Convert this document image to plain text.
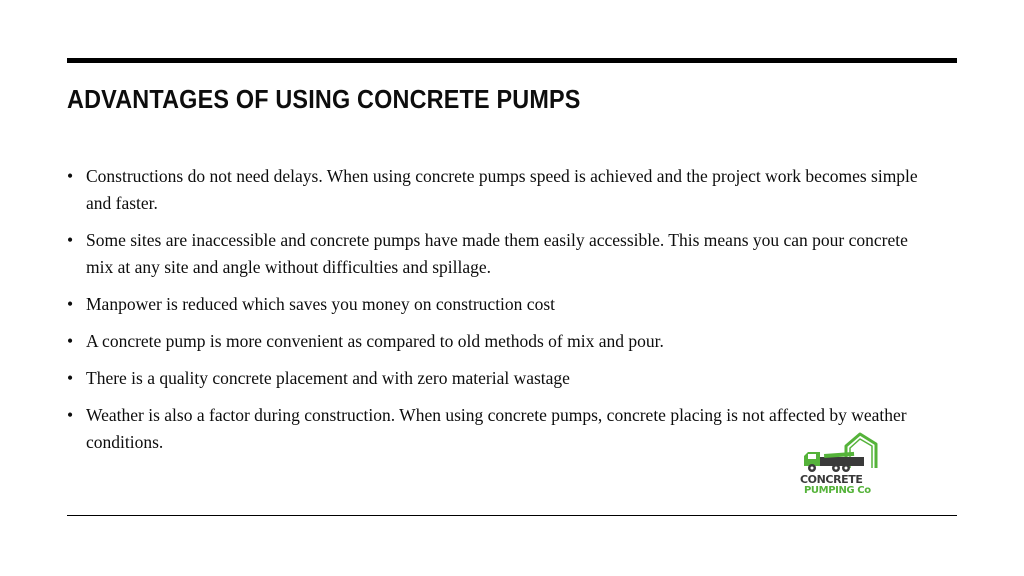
ADVANTAGES OF USING CONCRETE PUMPS
• Constructions do not need delays. When using concrete pumps speed is achieved and the project work becomes simple and faster.
• Some sites are inaccessible and concrete pumps have made them easily accessible. This means you can pour concrete mix at any site and angle without difficulties and spillage.
• Manpower is reduced which saves you money on construction cost
• A concrete pump is more convenient as compared to old methods of mix and pour.
• There is a quality concrete placement and with zero material wastage
• Weather is also a factor during construction. When using concrete pumps, concrete placing is not affected by weather conditions.
CONCRETE
PUMPING Co
